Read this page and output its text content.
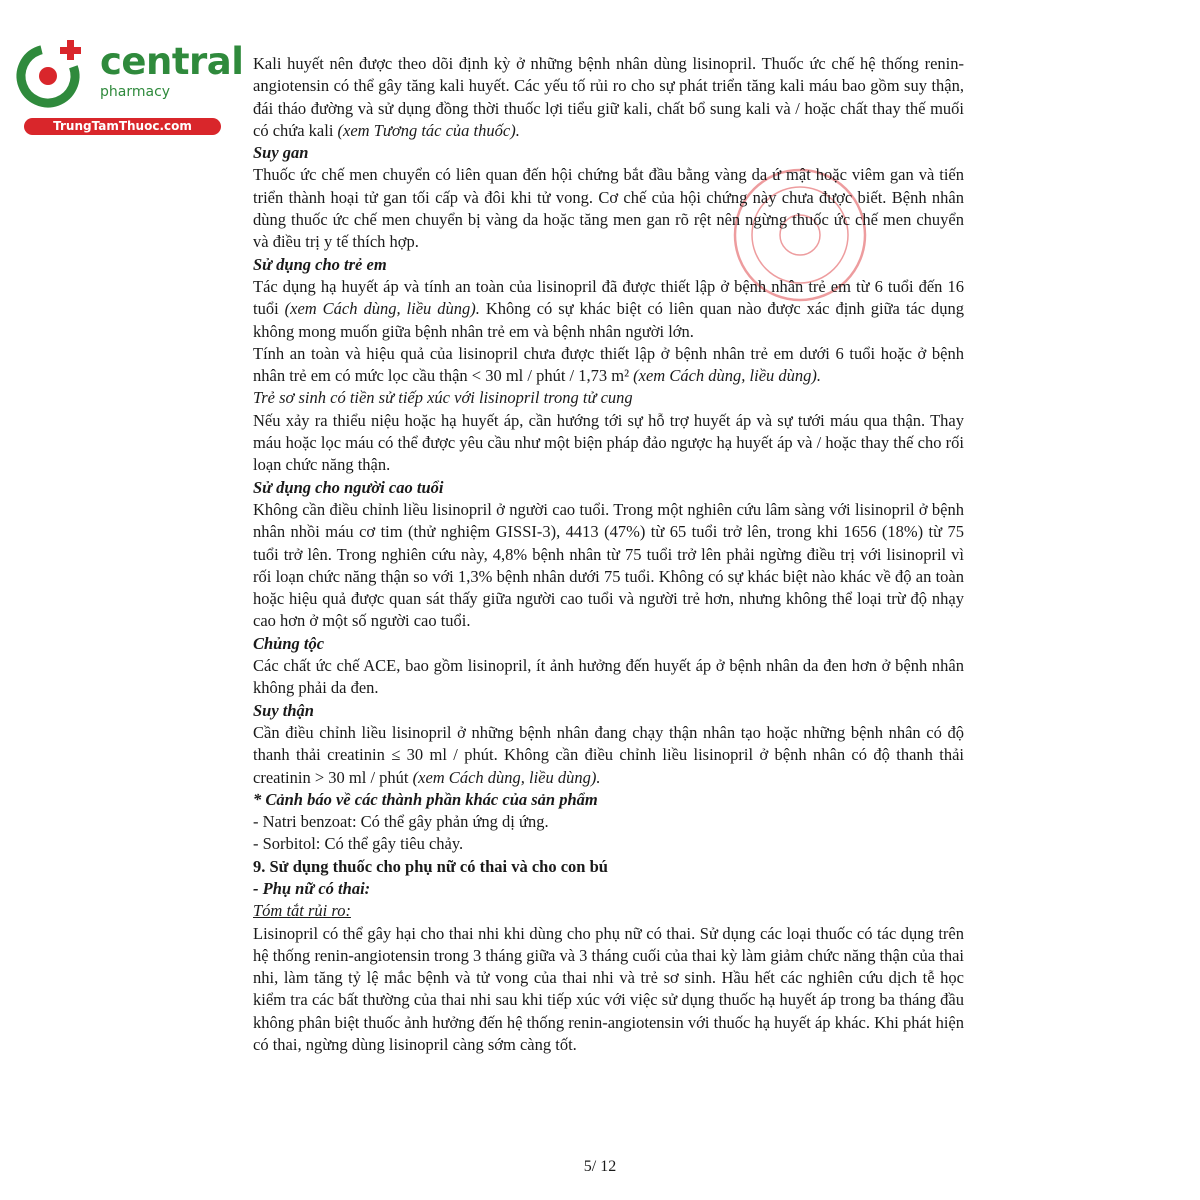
central
pharmacy
TrungTamThuoc.com

Kali huyết nên được theo dõi định kỳ ở những bệnh nhân dùng lisinopril. Thuốc ức chế hệ thống renin-angiotensin có thể gây tăng kali huyết. Các yếu tố rủi ro cho sự phát triển tăng kali máu bao gồm suy thận, đái tháo đường và sử dụng đồng thời thuốc lợi tiểu giữ kali, chất bổ sung kali và / hoặc chất thay thế muối có chứa kali (xem Tương tác của thuốc).

Suy gan

Thuốc ức chế men chuyển có liên quan đến hội chứng bắt đầu bằng vàng da ứ mật hoặc viêm gan và tiến triển thành hoại tử gan tối cấp và đôi khi tử vong. Cơ chế của hội chứng này chưa được biết. Bệnh nhân dùng thuốc ức chế men chuyển bị vàng da hoặc tăng men gan rõ rệt nên ngừng thuốc ức chế men chuyển và điều trị y tế thích hợp.

Sử dụng cho trẻ em

Tác dụng hạ huyết áp và tính an toàn của lisinopril đã được thiết lập ở bệnh nhân trẻ em từ 6 tuổi đến 16 tuổi (xem Cách dùng, liều dùng). Không có sự khác biệt có liên quan nào được xác định giữa tác dụng không mong muốn giữa bệnh nhân trẻ em và bệnh nhân người lớn.

Tính an toàn và hiệu quả của lisinopril chưa được thiết lập ở bệnh nhân trẻ em dưới 6 tuổi hoặc ở bệnh nhân trẻ em có mức lọc cầu thận < 30 ml / phút / 1,73 m² (xem Cách dùng, liều dùng).

Trẻ sơ sinh có tiền sử tiếp xúc với lisinopril trong tử cung

Nếu xảy ra thiểu niệu hoặc hạ huyết áp, cần hướng tới sự hỗ trợ huyết áp và sự tưới máu qua thận. Thay máu hoặc lọc máu có thể được yêu cầu như một biện pháp đảo ngược hạ huyết áp và / hoặc thay thế cho rối loạn chức năng thận.

Sử dụng cho người cao tuổi

Không cần điều chỉnh liều lisinopril ở người cao tuổi. Trong một nghiên cứu lâm sàng với lisinopril ở bệnh nhân nhồi máu cơ tim (thử nghiệm GISSI-3), 4413 (47%) từ 65 tuổi trở lên, trong khi 1656 (18%) từ 75 tuổi trở lên. Trong nghiên cứu này, 4,8% bệnh nhân từ 75 tuổi trở lên phải ngừng điều trị với lisinopril vì rối loạn chức năng thận so với 1,3% bệnh nhân dưới 75 tuổi. Không có sự khác biệt nào khác về độ an toàn hoặc hiệu quả được quan sát thấy giữa người cao tuổi và người trẻ hơn, nhưng không thể loại trừ độ nhạy cao hơn ở một số người cao tuổi.

Chủng tộc

Các chất ức chế ACE, bao gồm lisinopril, ít ảnh hưởng đến huyết áp ở bệnh nhân da đen hơn ở bệnh nhân không phải da đen.

Suy thận

Cần điều chỉnh liều lisinopril ở những bệnh nhân đang chạy thận nhân tạo hoặc những bệnh nhân có độ thanh thải creatinin ≤ 30 ml / phút. Không cần điều chỉnh liều lisinopril ở bệnh nhân có độ thanh thải creatinin > 30 ml / phút (xem Cách dùng, liều dùng).

* Cảnh báo về các thành phần khác của sản phẩm

- Natri benzoat: Có thể gây phản ứng dị ứng.

- Sorbitol: Có thể gây tiêu chảy.

9. Sử dụng thuốc cho phụ nữ có thai và cho con bú

- Phụ nữ có thai:

Tóm tắt rủi ro:

Lisinopril có thể gây hại cho thai nhi khi dùng cho phụ nữ có thai. Sử dụng các loại thuốc có tác dụng trên hệ thống renin-angiotensin trong 3 tháng giữa và 3 tháng cuối của thai kỳ làm giảm chức năng thận của thai nhi, làm tăng tỷ lệ mắc bệnh và tử vong của thai nhi và trẻ sơ sinh. Hầu hết các nghiên cứu dịch tễ học kiểm tra các bất thường của thai nhi sau khi tiếp xúc với việc sử dụng thuốc hạ huyết áp trong ba tháng đầu không phân biệt thuốc ảnh hưởng đến hệ thống renin-angiotensin với thuốc hạ huyết áp khác. Khi phát hiện có thai, ngừng dùng lisinopril càng sớm càng tốt.

5/ 12
